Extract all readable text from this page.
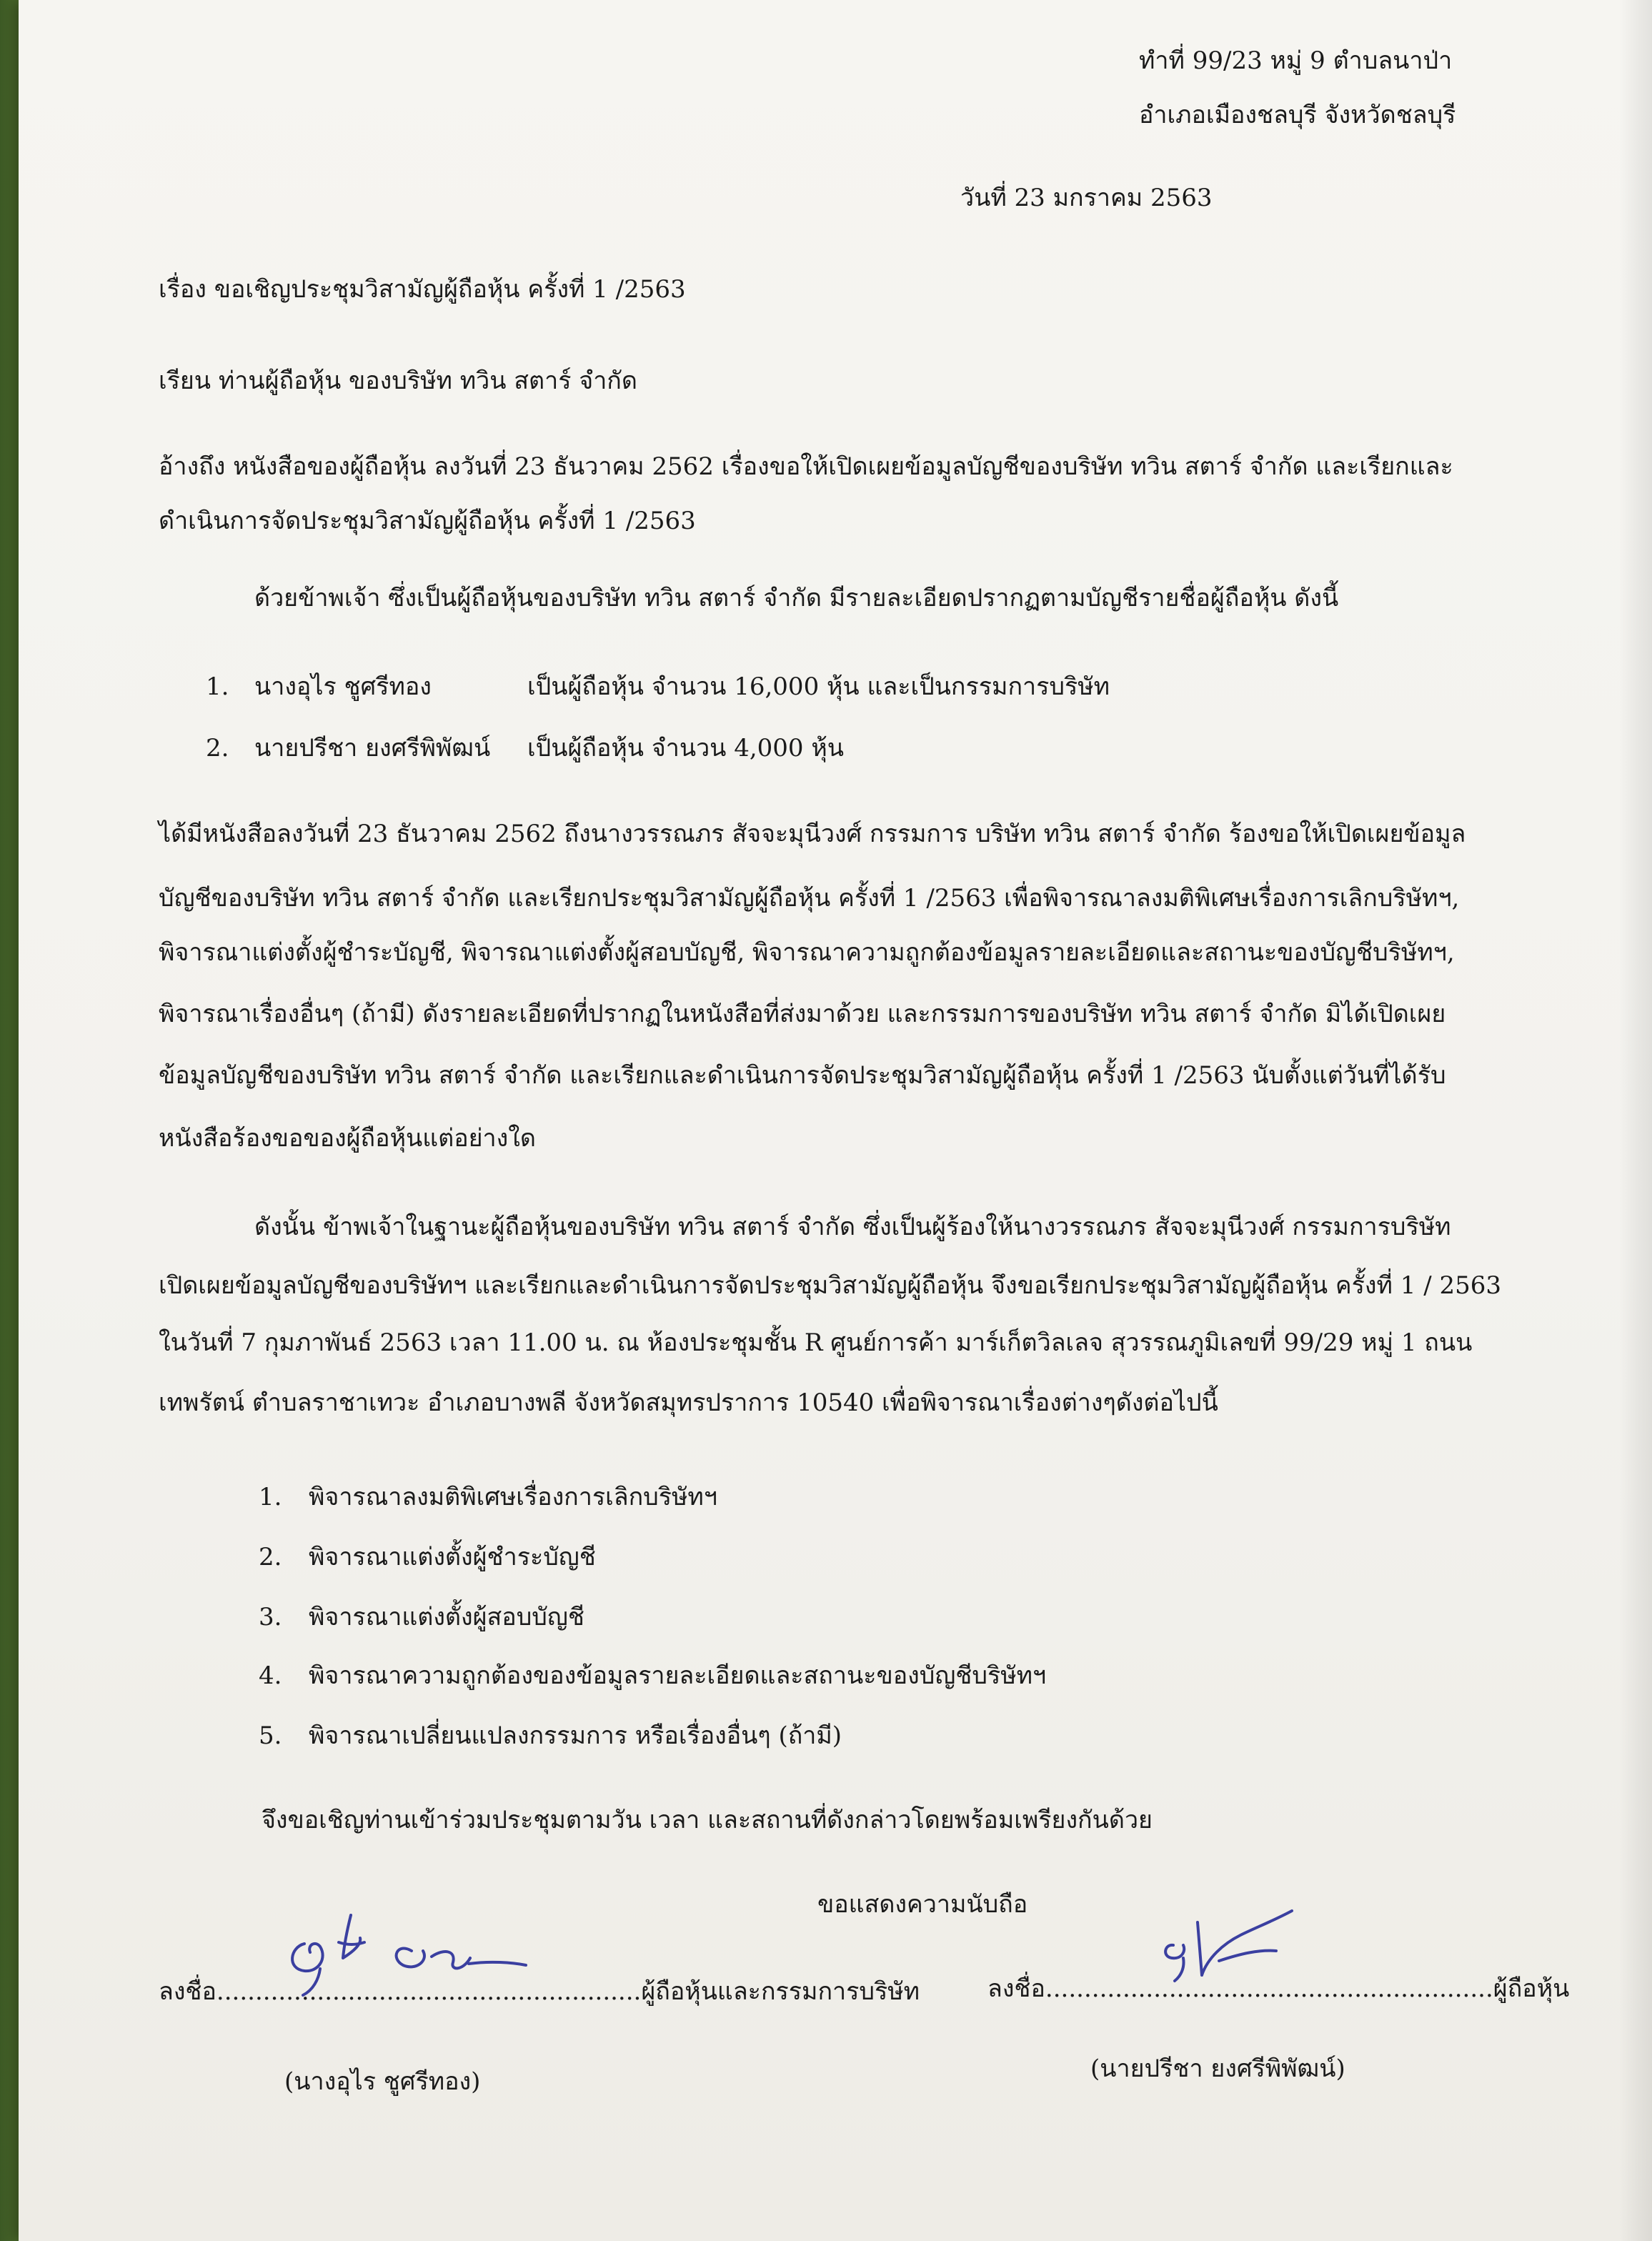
ทำที่ 99/23 หมู่ 9 ตำบลนาป่า
อำเภอเมืองชลบุรี จังหวัดชลบุรี
วันที่ 23 มกราคม 2563
เรื่อง ขอเชิญประชุมวิสามัญผู้ถือหุ้น ครั้งที่ 1 /2563
เรียน ท่านผู้ถือหุ้น ของบริษัท ทวิน สตาร์ จำกัด
อ้างถึง หนังสือของผู้ถือหุ้น ลงวันที่ 23 ธันวาคม 2562 เรื่องขอให้เปิดเผยข้อมูลบัญชีของบริษัท ทวิน สตาร์ จำกัด และเรียกและ
ดำเนินการจัดประชุมวิสามัญผู้ถือหุ้น ครั้งที่ 1 /2563
ด้วยข้าพเจ้า ซึ่งเป็นผู้ถือหุ้นของบริษัท ทวิน สตาร์ จำกัด มีรายละเอียดปรากฏตามบัญชีรายชื่อผู้ถือหุ้น ดังนี้
1. นางอุไร ชูศรีทอง	เป็นผู้ถือหุ้น จำนวน 16,000 หุ้น และเป็นกรรมการบริษัท
2. นายปรีชา ยงศรีพิพัฒน์ เป็นผู้ถือหุ้น จำนวน 4,000 หุ้น
ได้มีหนังสือลงวันที่ 23 ธันวาคม 2562 ถึงนางวรรณภร สัจจะมุนีวงศ์ กรรมการ บริษัท ทวิน สตาร์ จำกัด ร้องขอให้เปิดเผยข้อมูล
บัญชีของบริษัท ทวิน สตาร์ จำกัด และเรียกประชุมวิสามัญผู้ถือหุ้น ครั้งที่ 1 /2563 เพื่อพิจารณาลงมติพิเศษเรื่องการเลิกบริษัทฯ,
พิจารณาแต่งตั้งผู้ชำระบัญชี, พิจารณาแต่งตั้งผู้สอบบัญชี, พิจารณาความถูกต้องข้อมูลรายละเอียดและสถานะของบัญชีบริษัทฯ,
พิจารณาเรื่องอื่นๆ (ถ้ามี) ดังรายละเอียดที่ปรากฏในหนังสือที่ส่งมาด้วย และกรรมการของบริษัท ทวิน สตาร์ จำกัด มิได้เปิดเผย
ข้อมูลบัญชีของบริษัท ทวิน สตาร์ จำกัด และเรียกและดำเนินการจัดประชุมวิสามัญผู้ถือหุ้น ครั้งที่ 1 /2563 นับตั้งแต่วันที่ได้รับ
หนังสือร้องขอของผู้ถือหุ้นแต่อย่างใด
ดังนั้น ข้าพเจ้าในฐานะผู้ถือหุ้นของบริษัท ทวิน สตาร์ จำกัด ซึ่งเป็นผู้ร้องให้นางวรรณภร สัจจะมุนีวงศ์ กรรมการบริษัท
เปิดเผยข้อมูลบัญชีของบริษัทฯ และเรียกและดำเนินการจัดประชุมวิสามัญผู้ถือหุ้น จึงขอเรียกประชุมวิสามัญผู้ถือหุ้น ครั้งที่ 1 / 2563
ในวันที่ 7 กุมภาพันธ์ 2563 เวลา 11.00 น. ณ ห้องประชุมชั้น R ศูนย์การค้า มาร์เก็ตวิลเลจ สุวรรณภูมิเลขที่ 99/29 หมู่ 1 ถนน
เทพรัตน์ ตำบลราชาเทวะ อำเภอบางพลี จังหวัดสมุทรปราการ 10540 เพื่อพิจารณาเรื่องต่างๆดังต่อไปนี้
1. พิจารณาลงมติพิเศษเรื่องการเลิกบริษัทฯ
2. พิจารณาแต่งตั้งผู้ชำระบัญชี
3. พิจารณาแต่งตั้งผู้สอบบัญชี
4. พิจารณาความถูกต้องของข้อมูลรายละเอียดและสถานะของบัญชีบริษัทฯ
5. พิจารณาเปลี่ยนแปลงกรรมการ หรือเรื่องอื่นๆ (ถ้ามี)
จึงขอเชิญท่านเข้าร่วมประชุมตามวัน เวลา และสถานที่ดังกล่าวโดยพร้อมเพรียงกันด้วย
ขอแสดงความนับถือ
ลงชื่อ.......................................................ผู้ถือหุ้นและกรรมการบริษัท	ลงชื่อ..........................................................ผู้ถือหุ้น
(นางอุไร ชูศรีทอง)	(นายปรีชา ยงศรีพิพัฒน์)
